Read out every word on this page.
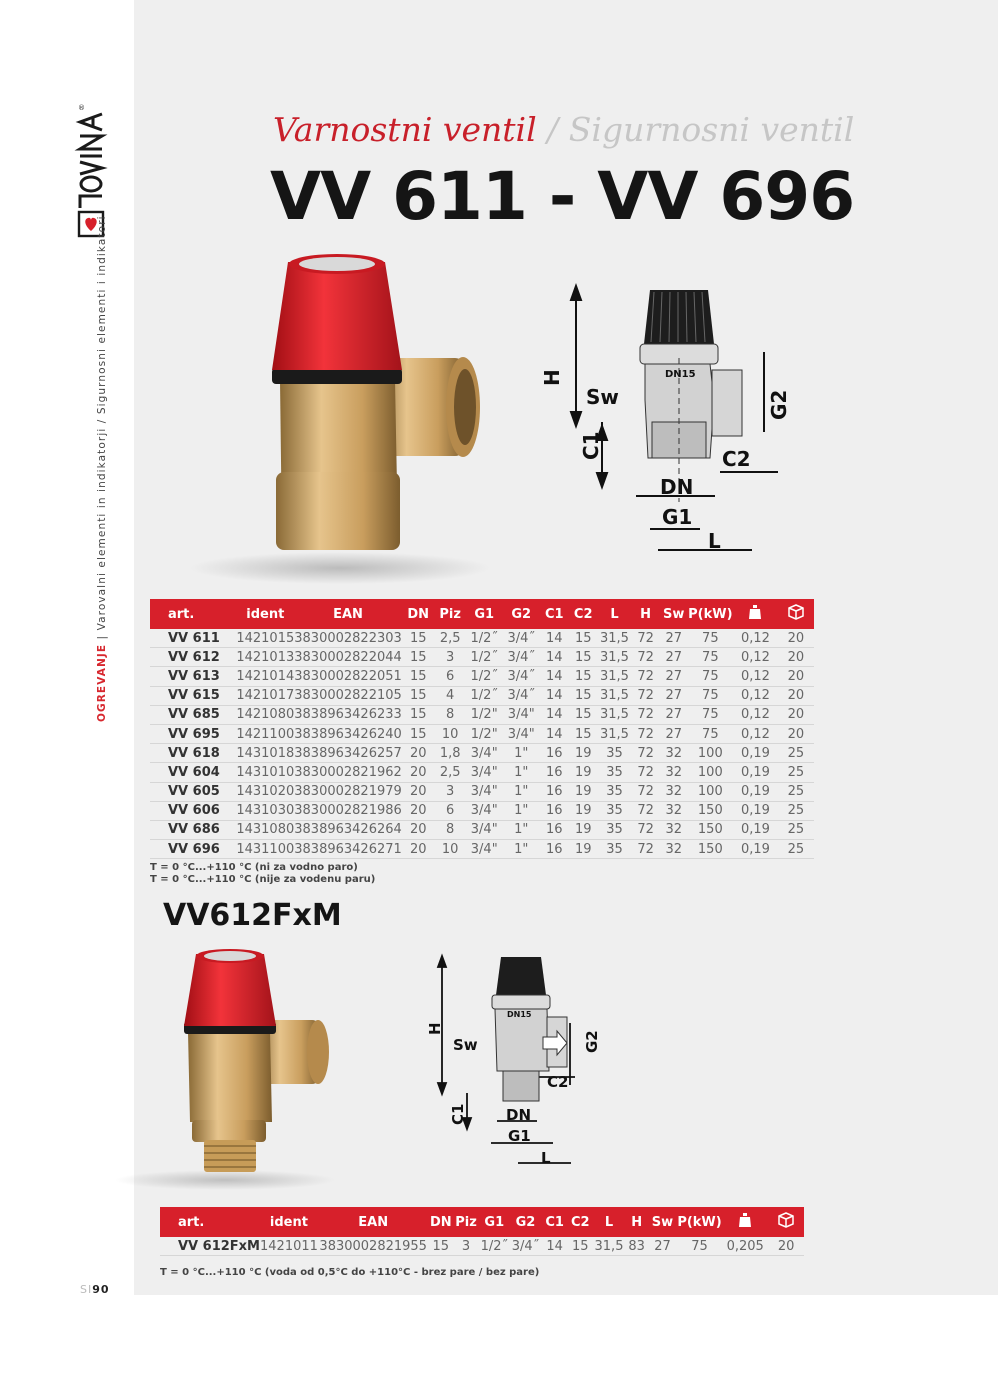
®
OGREVANJE | Varovalni elementi in indikatorji / Sigurnosni elementi i indikatori
SI90
Varnostni ventil / Sigurnosni ventil
VV 611 - VV 696
DN15
H
Sw
C1
G2
C2
DN
G1
L
art.	ident	EAN	DN	Piz	G1	G2	C1	C2	L	H	Sw	P(kW)		
VV 611	1421015	3830002822303	15	2,5	1/2˝	3/4˝	14	15	31,5	72	27	75	0,12	20
VV 612	1421013	3830002822044	15	3	1/2˝	3/4˝	14	15	31,5	72	27	75	0,12	20
VV 613	1421014	3830002822051	15	6	1/2˝	3/4˝	14	15	31,5	72	27	75	0,12	20
VV 615	1421017	3830002822105	15	4	1/2˝	3/4˝	14	15	31,5	72	27	75	0,12	20
VV 685	1421080	3838963426233	15	8	1/2"	3/4"	14	15	31,5	72	27	75	0,12	20
VV 695	1421100	3838963426240	15	10	1/2"	3/4"	14	15	31,5	72	27	75	0,12	20
VV 618	1431018	3838963426257	20	1,8	3/4"	1"	16	19	35	72	32	100	0,19	25
VV 604	1431010	3830002821962	20	2,5	3/4"	1"	16	19	35	72	32	100	0,19	25
VV 605	1431020	3830002821979	20	3	3/4"	1"	16	19	35	72	32	100	0,19	25
VV 606	1431030	3830002821986	20	6	3/4"	1"	16	19	35	72	32	150	0,19	25
VV 686	1431080	3838963426264	20	8	3/4"	1"	16	19	35	72	32	150	0,19	25
VV 696	1431100	3838963426271	20	10	3/4"	1"	16	19	35	72	32	150	0,19	25
T = 0 °C...+110 °C (ni za vodno paro)
T = 0 °C...+110 °C (nije za vodenu paru)
VV612FxM
DN15
H
Sw
C1
G2
C2
DN
G1
L
art.	ident	EAN	DN	Piz	G1	G2	C1	C2	L	H	Sw	P(kW)		
VV 612FxM	1421011	3830002821955	15	3	1/2˝	3/4˝	14	15	31,5	83	27	75	0,205	20
T = 0 °C...+110 °C (voda od 0,5°C do +110°C - brez pare / bez pare)
